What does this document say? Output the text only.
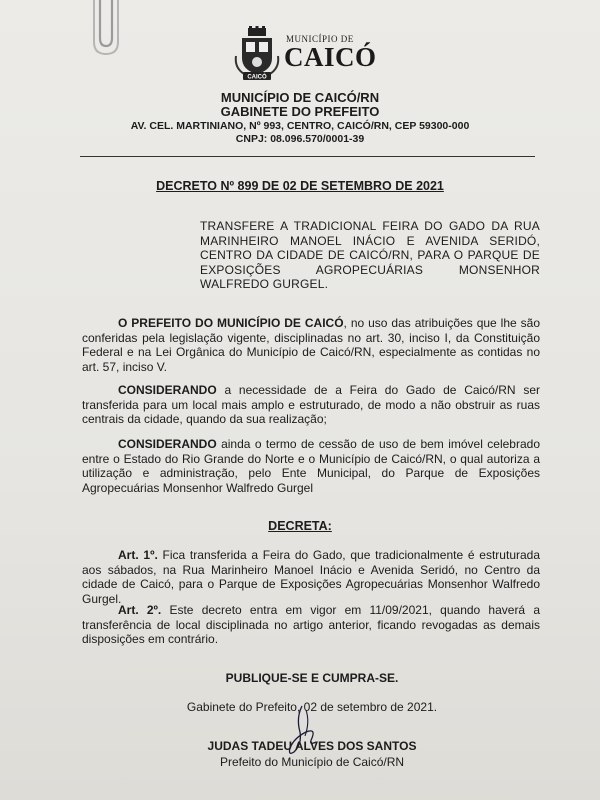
CAICÓ
MUNICÍPIO DE
CAICÓ
MUNICÍPIO DE CAICÓ/RN
GABINETE DO PREFEITO
AV. CEL. MARTINIANO, Nº 993, CENTRO, CAICÓ/RN, CEP 59300-000
CNPJ: 08.096.570/0001-39
DECRETO Nº 899 DE 02 DE SETEMBRO DE 2021
TRANSFERE A TRADICIONAL FEIRA DO GADO DA RUA MARINHEIRO MANOEL INÁCIO E AVENIDA SERIDÓ, CENTRO DA CIDADE DE CAICÓ/RN, PARA O PARQUE DE EXPOSIÇÕES AGROPECUÁRIAS MONSENHOR WALFREDO GURGEL.

O PREFEITO DO MUNICÍPIO DE CAICÓ, no uso das atribuições que lhe são conferidas pela legislação vigente, disciplinadas no art. 30, inciso I, da Constituição Federal e na Lei Orgânica do Município de Caicó/RN, especialmente as contidas no art. 57, inciso V.

CONSIDERANDO a necessidade de a Feira do Gado de Caicó/RN ser transferida para um local mais amplo e estruturado, de modo a não obstruir as ruas centrais da cidade, quando da sua realização;

CONSIDERANDO ainda o termo de cessão de uso de bem imóvel celebrado entre o Estado do Rio Grande do Norte e o Município de Caicó/RN, o qual autoriza a utilização e administração, pelo Ente Municipal, do Parque de Exposições Agropecuárias Monsenhor Walfredo Gurgel

DECRETA:

Art. 1º. Fica transferida a Feira do Gado, que tradicionalmente é estruturada aos sábados, na Rua Marinheiro Manoel Inácio e Avenida Seridó, no Centro da cidade de Caicó, para o Parque de Exposições Agropecuárias Monsenhor Walfredo Gurgel.

Art. 2º. Este decreto entra em vigor em 11/09/2021, quando haverá a transferência de local disciplinada no artigo anterior, ficando revogadas as demais disposições em contrário.

PUBLIQUE-SE E CUMPRA-SE.
Gabinete do Prefeito, 02 de setembro de 2021.
JUDAS TADEU ALVES DOS SANTOS
Prefeito do Município de Caicó/RN
